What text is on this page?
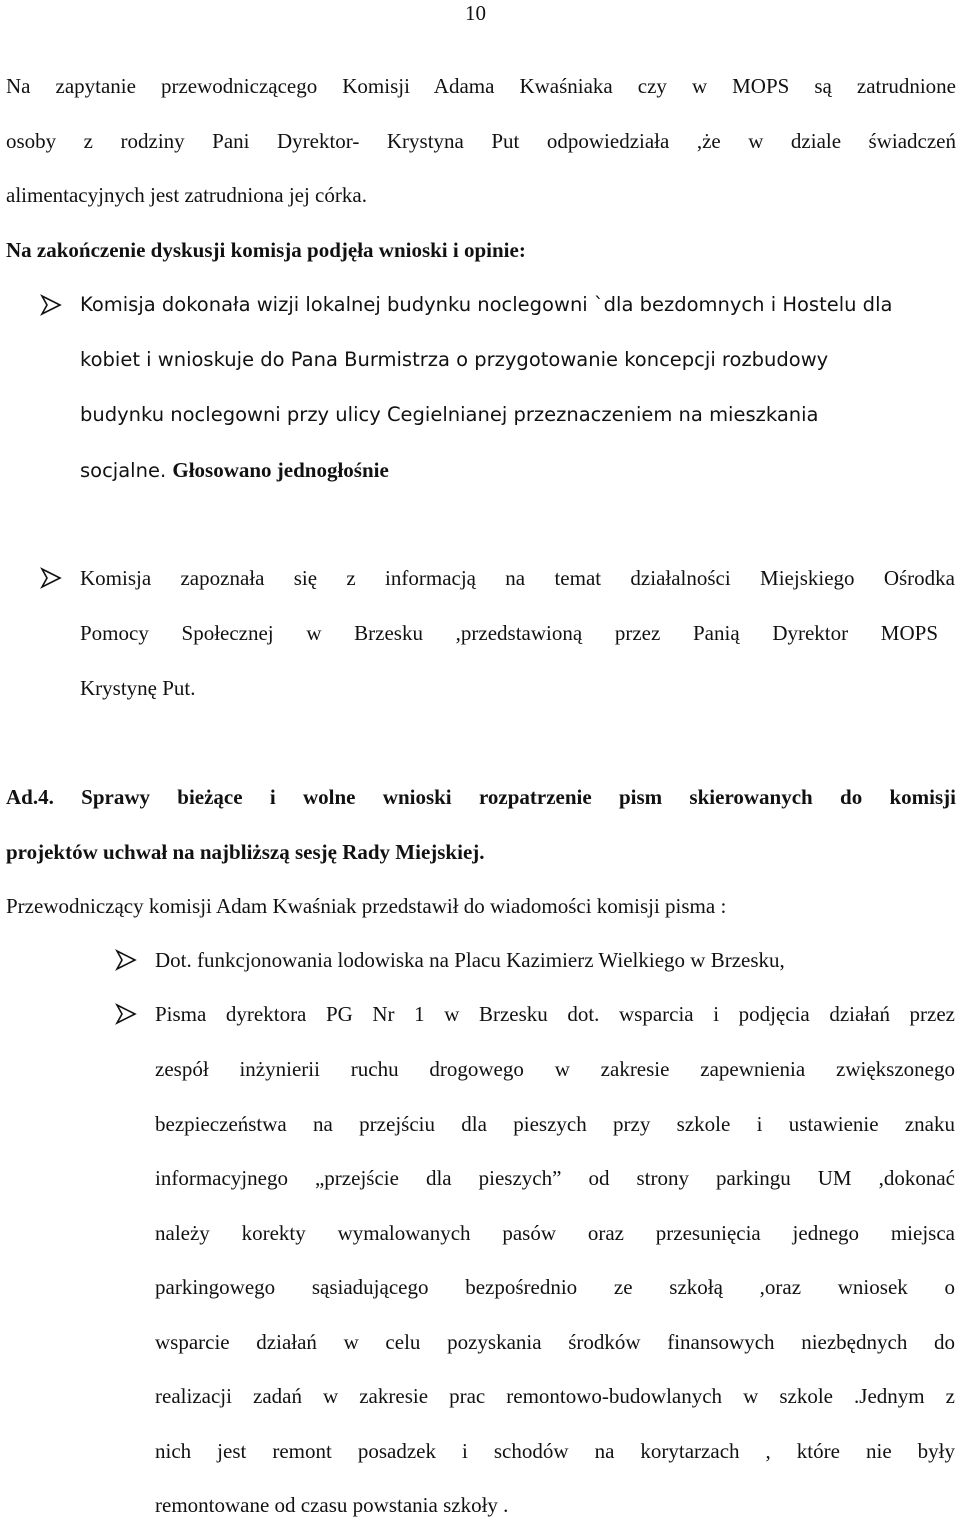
10
Na zapytanie przewodniczącego Komisji Adama Kwaśniaka czy w MOPS są zatrudnione
osoby z rodziny Pani Dyrektor- Krystyna Put odpowiedziała ,że w dziale świadczeń
alimentacyjnych jest zatrudniona jej córka.
Na zakończenie dyskusji komisja podjęła wnioski i opinie:
Komisja dokonała wizji lokalnej budynku noclegowni `dla bezdomnych i Hostelu dla
kobiet i wnioskuje do Pana Burmistrza o przygotowanie koncepcji rozbudowy
budynku noclegowni przy ulicy Cegielnianej przeznaczeniem na mieszkania
socjalne. Głosowano jednogłośnie
Komisja zapoznała się z informacją na temat działalności Miejskiego Ośrodka
Pomocy Społecznej w Brzesku ,przedstawioną przez Panią Dyrektor MOPS
Krystynę Put.
Ad.4. Sprawy bieżące i wolne wnioski rozpatrzenie pism skierowanych do komisji
projektów uchwał na najbliższą sesję Rady Miejskiej.
Przewodniczący komisji Adam Kwaśniak przedstawił do wiadomości komisji pisma :
Dot. funkcjonowania lodowiska na Placu Kazimierz Wielkiego w Brzesku,
Pisma dyrektora PG Nr 1 w Brzesku dot. wsparcia i podjęcia działań przez
zespół inżynierii ruchu drogowego w zakresie zapewnienia zwiększonego
bezpieczeństwa na przejściu dla pieszych przy szkole i ustawienie znaku
informacyjnego „przejście dla pieszych” od strony parkingu UM ,dokonać
należy korekty wymalowanych pasów oraz przesunięcia jednego miejsca
parkingowego sąsiadującego bezpośrednio ze szkołą ,oraz wniosek o
wsparcie działań w celu pozyskania środków finansowych niezbędnych do
realizacji zadań w zakresie prac remontowo-budowlanych w szkole .Jednym z
nich jest remont posadzek i schodów na korytarzach , które nie były
remontowane od czasu powstania szkoły .
